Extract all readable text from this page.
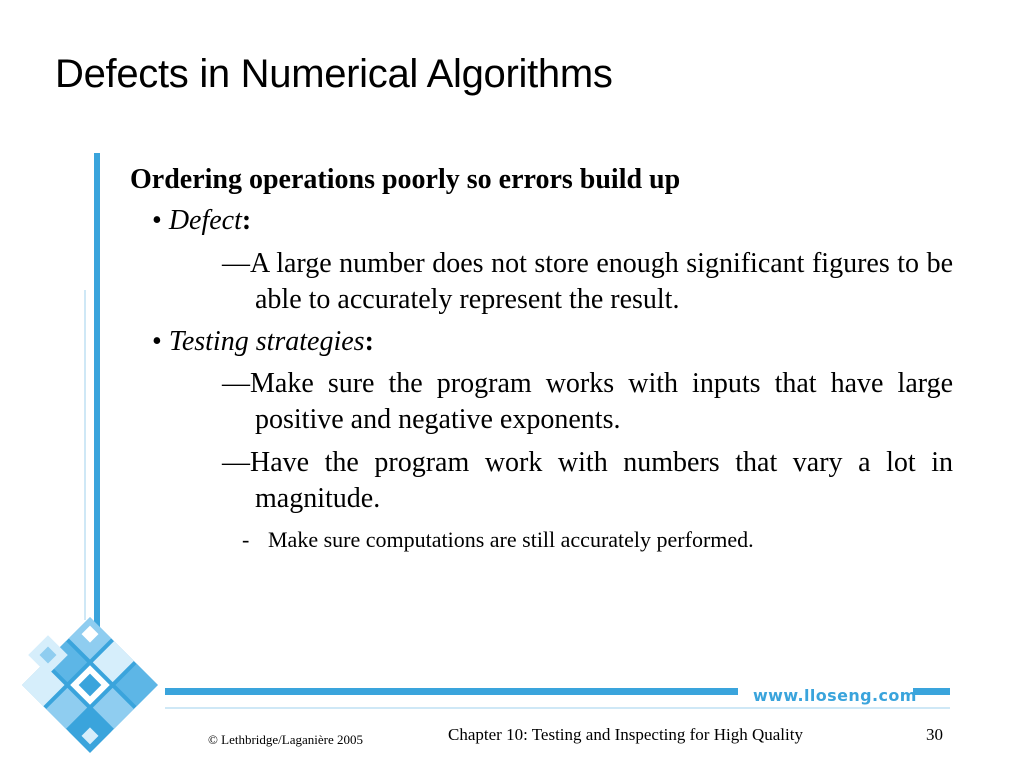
Defects in Numerical Algorithms
www.lloseng.com

Ordering operations poorly so errors build up

• Defect:
—A large number does not store enough significant figures to be able to accurately represent the result.
• Testing strategies:
—Make sure the program works with inputs that have large positive and negative exponents.
—Have the program work with numbers that vary a lot in magnitude.
- Make sure computations are still accurately performed.
© Lethbridge/Laganière 2005	Chapter 10: Testing and Inspecting for High Quality	30
